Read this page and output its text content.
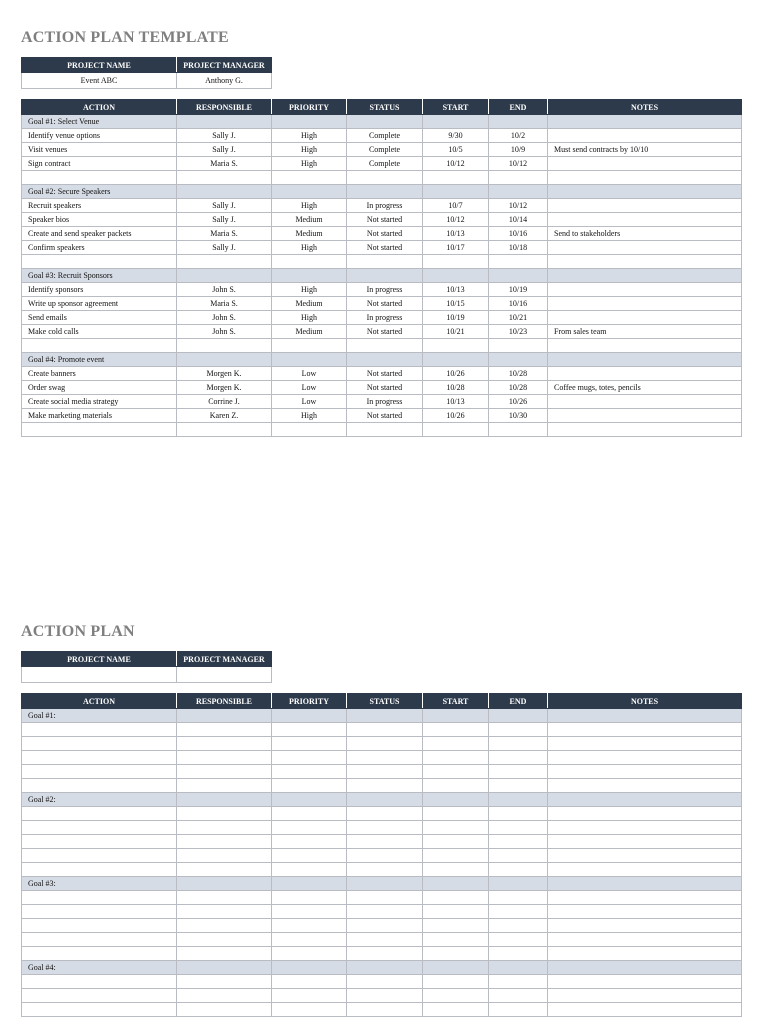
ACTION PLAN TEMPLATE
PROJECT NAME	PROJECT MANAGER
Event ABC	Anthony G.
ACTION	RESPONSIBLE	PRIORITY	STATUS	START	END	NOTES
Goal #1: Select Venue						
Identify venue options	Sally J.	High	Complete	9/30	10/2	
Visit venues	Sally J.	High	Complete	10/5	10/9	Must send contracts by 10/10
Sign contract	Maria S.	High	Complete	10/12	10/12	

Goal #2: Secure Speakers						
Recruit speakers	Sally J.	High	In progress	10/7	10/12	
Speaker bios	Sally J.	Medium	Not started	10/12	10/14	
Create and send speaker packets	Maria S.	Medium	Not started	10/13	10/16	Send to stakeholders
Confirm speakers	Sally J.	High	Not started	10/17	10/18	

Goal #3: Recruit Sponsors						
Identify sponsors	John S.	High	In progress	10/13	10/19	
Write up sponsor agreement	Maria S.	Medium	Not started	10/15	10/16	
Send emails	John S.	High	In progress	10/19	10/21	
Make cold calls	John S.	Medium	Not started	10/21	10/23	From sales team

Goal #4: Promote event						
Create banners	Morgen K.	Low	Not started	10/26	10/28	
Order swag	Morgen K.	Low	Not started	10/28	10/28	Coffee mugs, totes, pencils
Create social media strategy	Corrine J.	Low	In progress	10/13	10/26	
Make marketing materials	Karen Z.	High	Not started	10/26	10/30	

ACTION PLAN
PROJECT NAME	PROJECT MANAGER

ACTION	RESPONSIBLE	PRIORITY	STATUS	START	END	NOTES
Goal #1:						

Goal #2:						

Goal #3:						

Goal #4:						
